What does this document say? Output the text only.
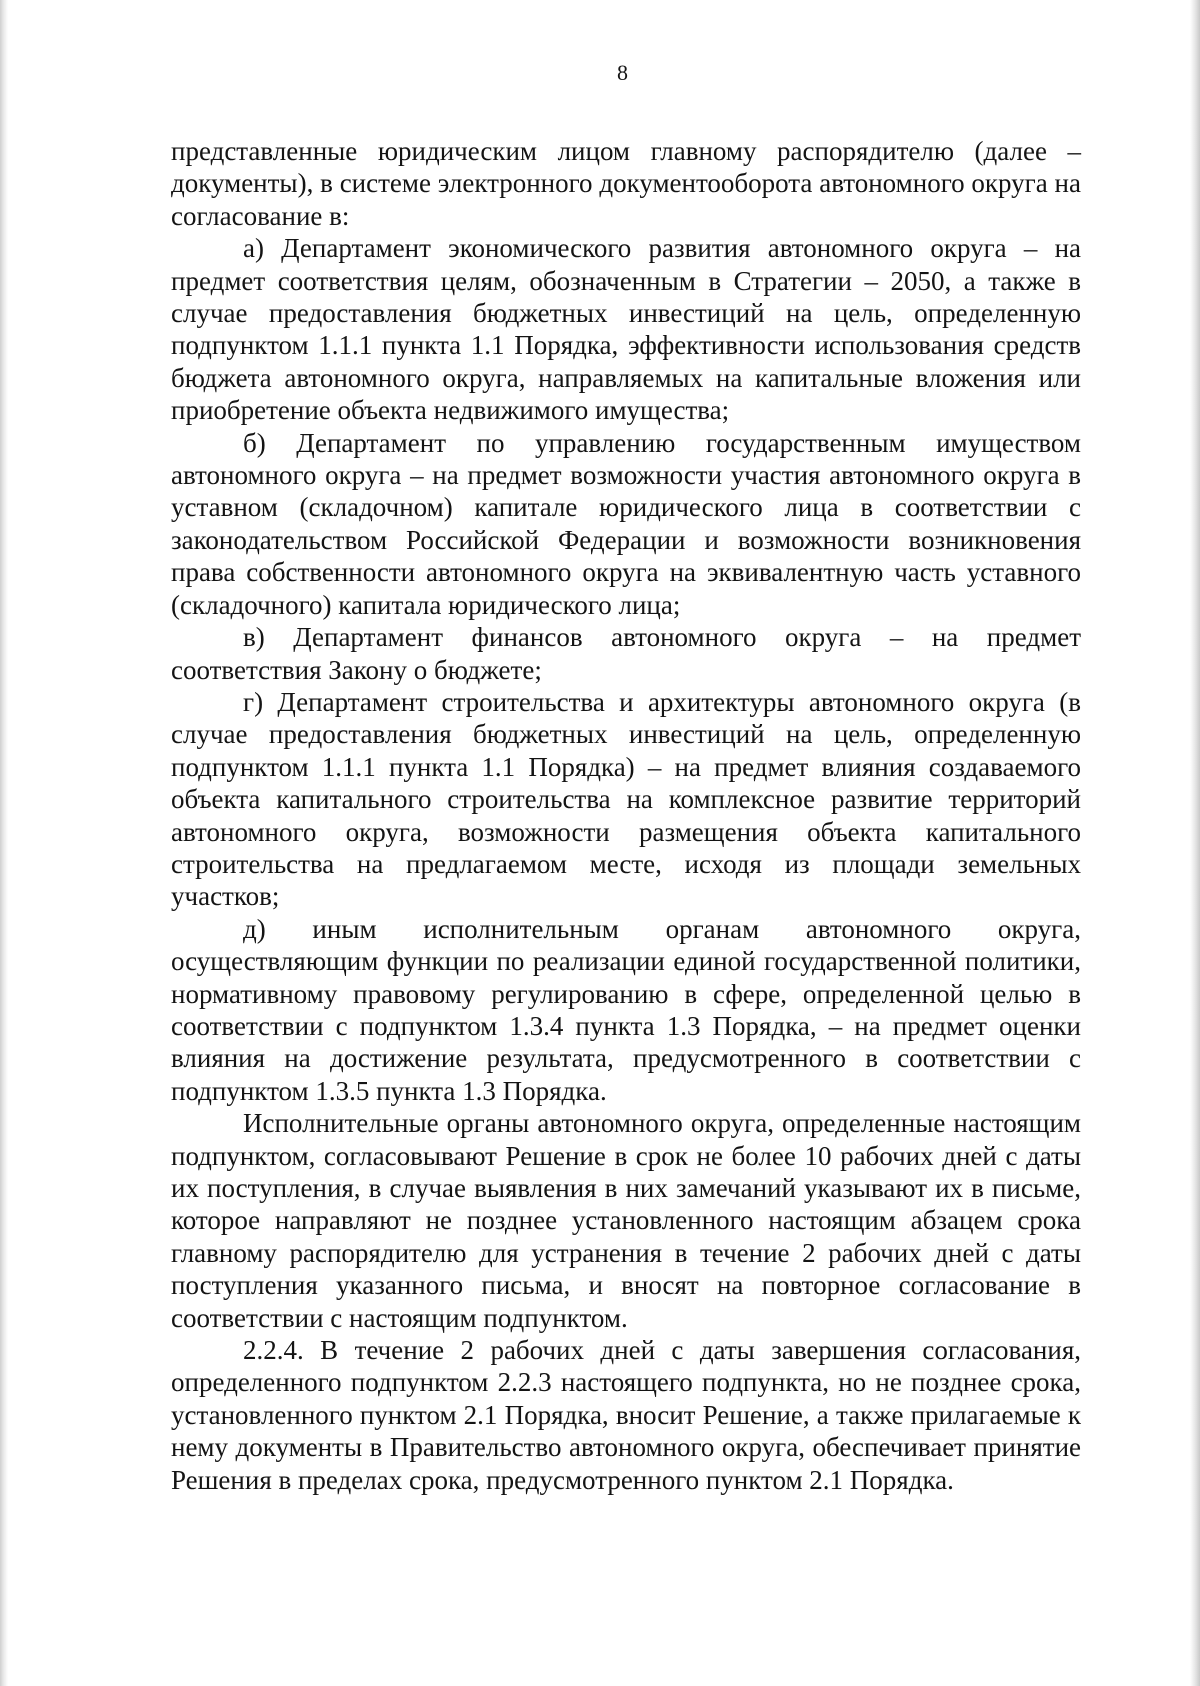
8

представленные юридическим лицом главному распорядителю (далее – документы), в системе электронного документооборота автономного округа на согласование в:

а) Департамент экономического развития автономного округа – на предмет соответствия целям, обозначенным в Стратегии – 2050, а также в случае предоставления бюджетных инвестиций на цель, определенную подпунктом 1.1.1 пункта 1.1 Порядка, эффективности использования средств бюджета автономного округа, направляемых на капитальные вложения или приобретение объекта недвижимого имущества;

б) Департамент по управлению государственным имуществом автономного округа – на предмет возможности участия автономного округа в уставном (складочном) капитале юридического лица в соответствии с законодательством Российской Федерации и возможности возникновения права собственности автономного округа на эквивалентную часть уставного (складочного) капитала юридического лица;

в) Департамент финансов автономного округа – на предмет соответствия Закону о бюджете;

г) Департамент строительства и архитектуры автономного округа (в случае предоставления бюджетных инвестиций на цель, определенную подпунктом 1.1.1 пункта 1.1 Порядка) – на предмет влияния создаваемого объекта капитального строительства на комплексное развитие территорий автономного округа, возможности размещения объекта капитального строительства на предлагаемом месте, исходя из площади земельных участков;

д) иным исполнительным органам автономного округа, осуществляющим функции по реализации единой государственной политики, нормативному правовому регулированию в сфере, определенной целью в соответствии с подпунктом 1.3.4 пункта 1.3 Порядка, – на предмет оценки влияния на достижение результата, предусмотренного в соответствии с подпунктом 1.3.5 пункта 1.3 Порядка.

Исполнительные органы автономного округа, определенные настоящим подпунктом, согласовывают Решение в срок не более 10 рабочих дней с даты их поступления, в случае выявления в них замечаний указывают их в письме, которое направляют не позднее установленного настоящим абзацем срока главному распорядителю для устранения в течение 2 рабочих дней с даты поступления указанного письма, и вносят на повторное согласование в соответствии с настоящим подпунктом.

2.2.4. В течение 2 рабочих дней с даты завершения согласования, определенного подпунктом 2.2.3 настоящего подпункта, но не позднее срока, установленного пунктом 2.1 Порядка, вносит Решение, а также прилагаемые к нему документы в Правительство автономного округа, обеспечивает принятие Решения в пределах срока, предусмотренного пунктом 2.1 Порядка.
